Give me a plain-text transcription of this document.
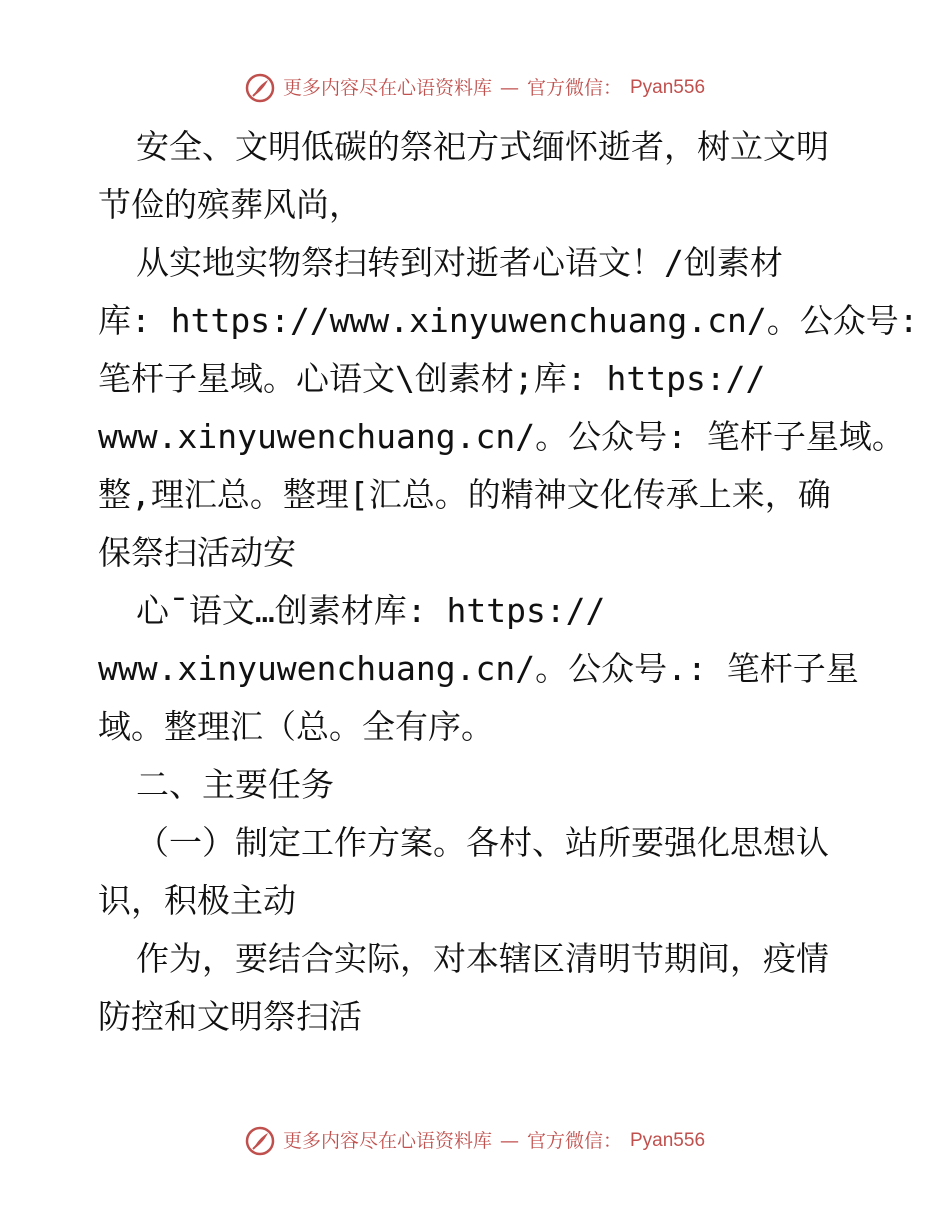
更多内容尽在心语资料库 — 官方微信： Pyan556
安全、文明低碳的祭祀方式缅怀逝者，树立文明
节俭的殡葬风尚，
从实地实物祭扫转到对逝者心语文！/创素材
库: https://www.xinyuwenchuang.cn/。公众号:
笔杆子星域。心语文\创素材;库: https://
www.xinyuwenchuang.cn/。公众号: 笔杆子星域。
整,理汇总。整理[汇总。的精神文化传承上来，确
保祭扫活动安
心¯语文…创素材库: https://
www.xinyuwenchuang.cn/。公众号.: 笔杆子星
域。整理汇（总。全有序。
二、主要任务
（一）制定工作方案。各村、站所要强化思想认
识，积极主动
作为，要结合实际，对本辖区清明节期间，疫情
防控和文明祭扫活
更多内容尽在心语资料库 — 官方微信： Pyan556
